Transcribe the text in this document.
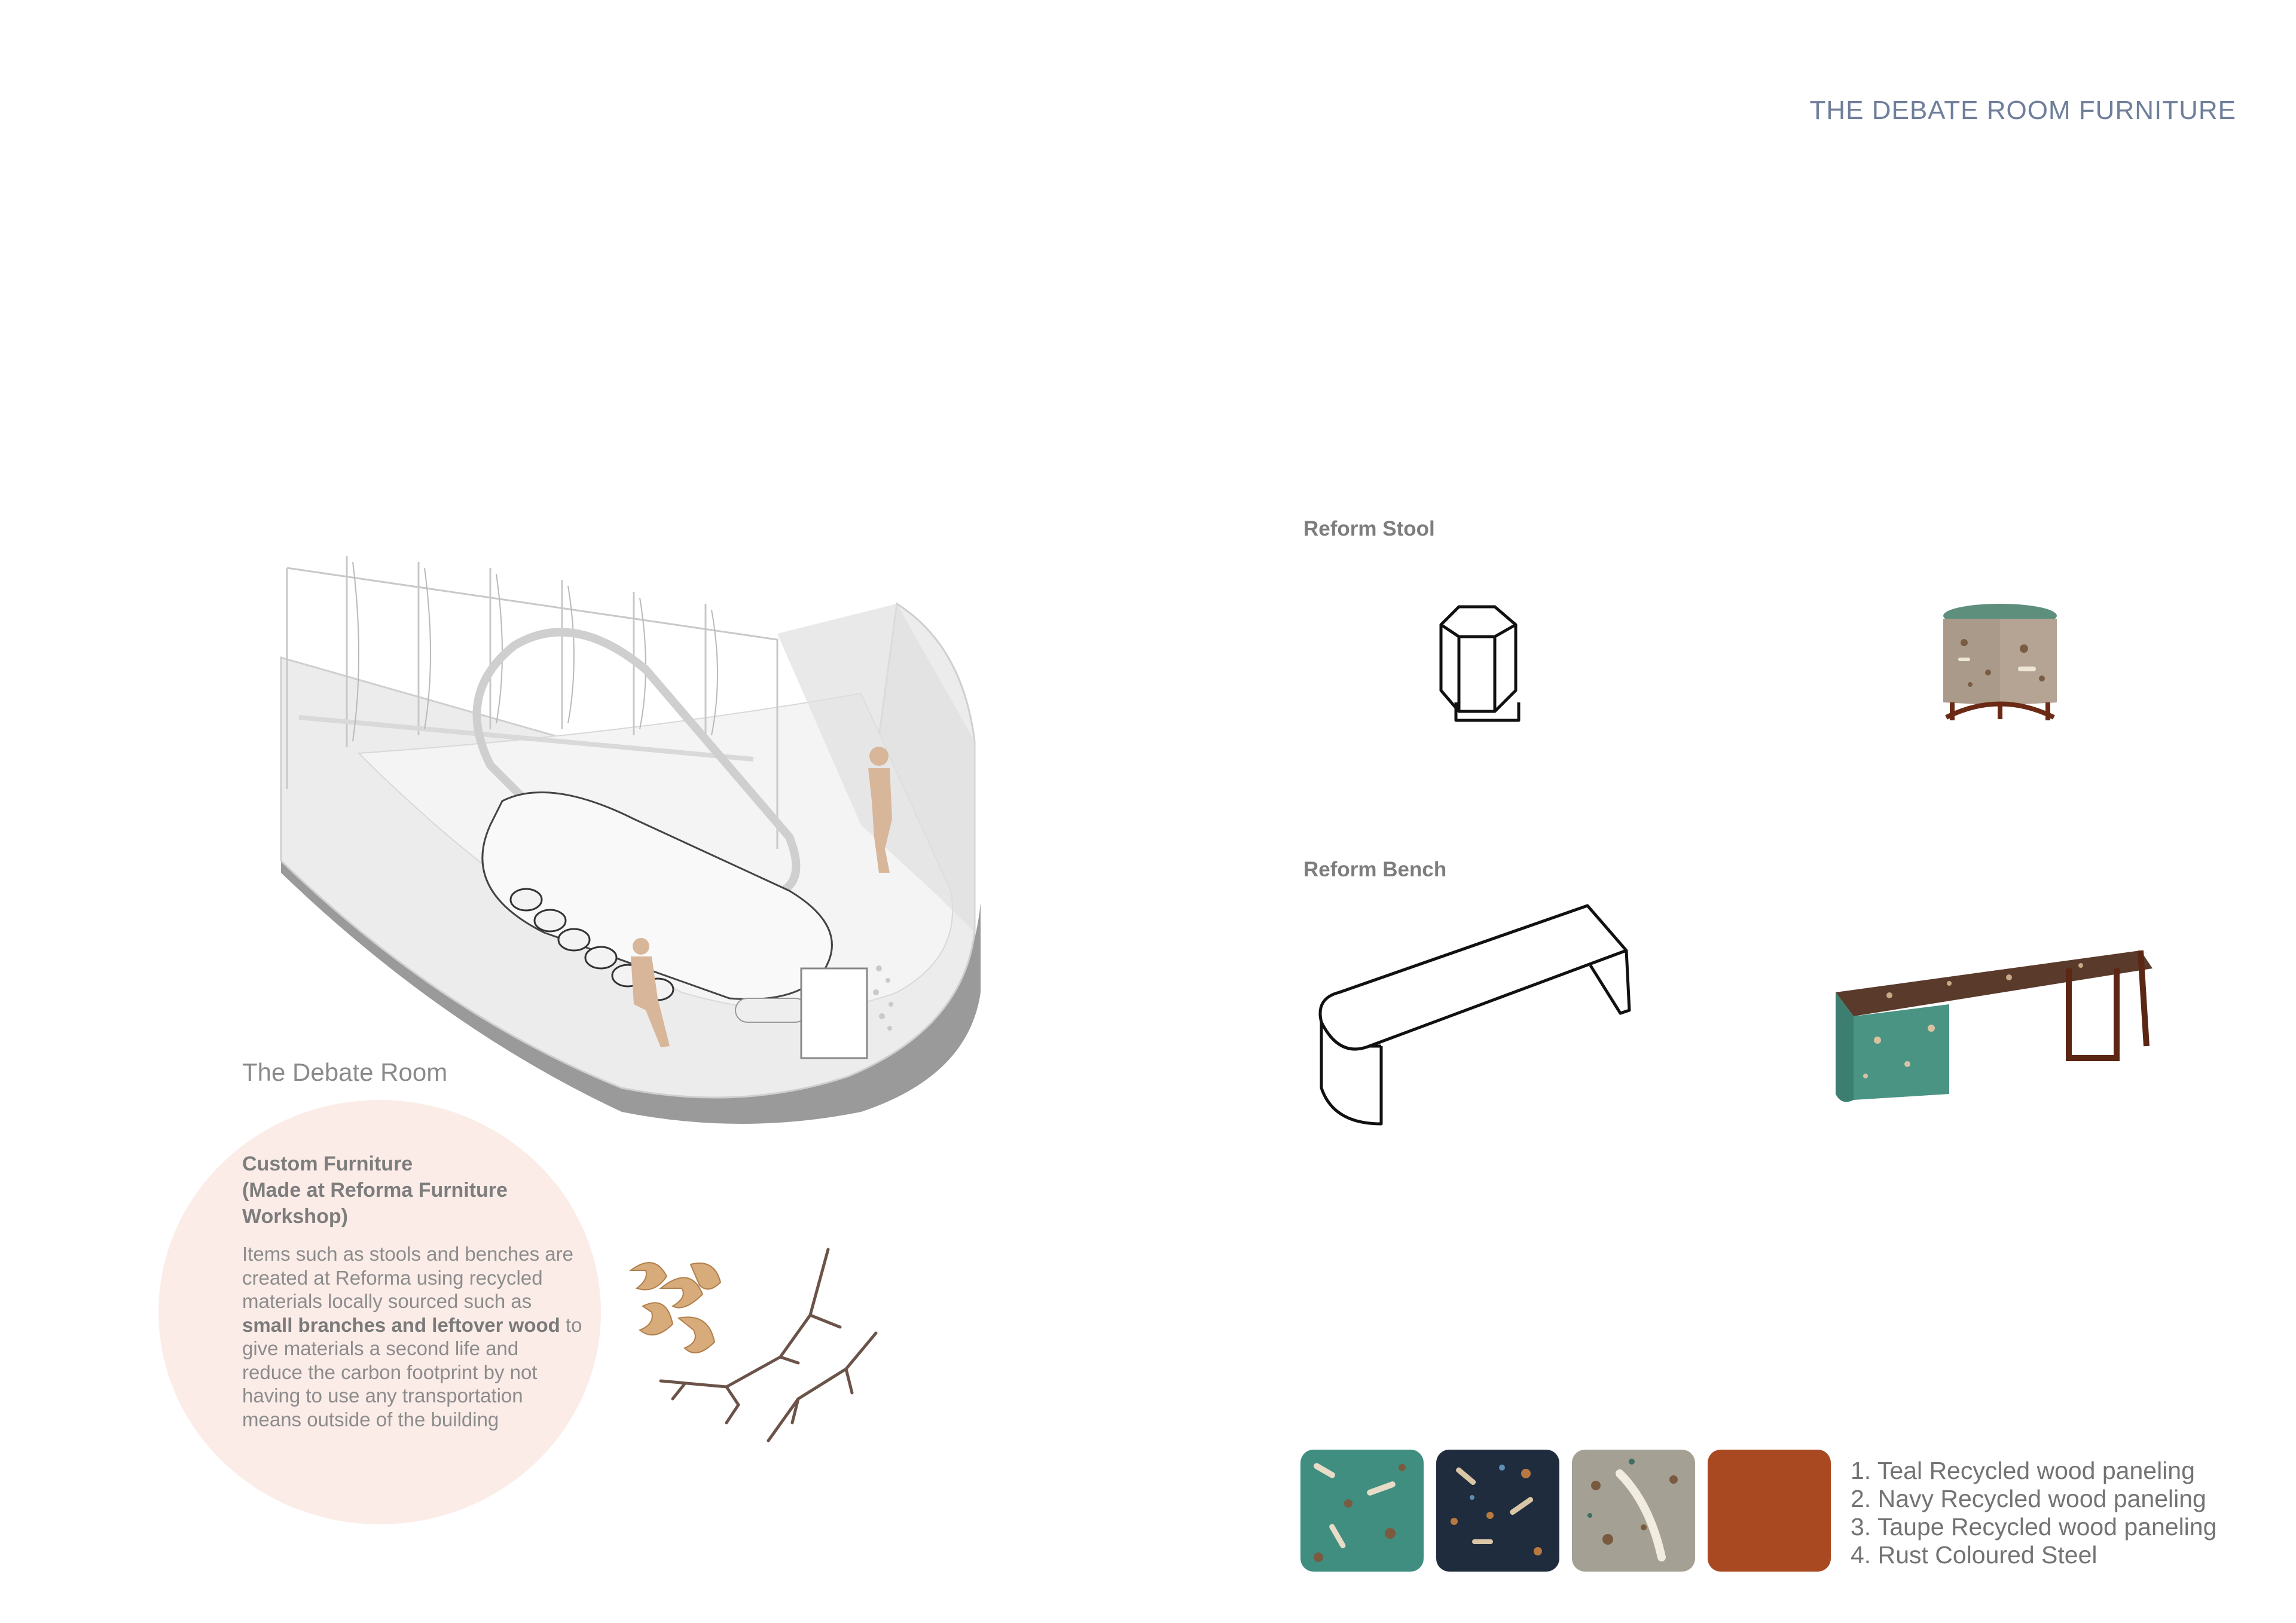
THE DEBATE ROOM FURNITURE
The Debate Room
Custom Furniture
(Made at Reforma Furniture
Workshop)
Items such as stools and benches are created at Reforma using recycled materials locally sourced such as small branches and leftover wood to give materials a second life and reduce the carbon footprint by not having to use any transportation means outside of the building
Reform Stool
Reform Bench
1. Teal Recycled wood paneling
2. Navy Recycled wood paneling
3. Taupe Recycled wood paneling
4. Rust Coloured Steel
